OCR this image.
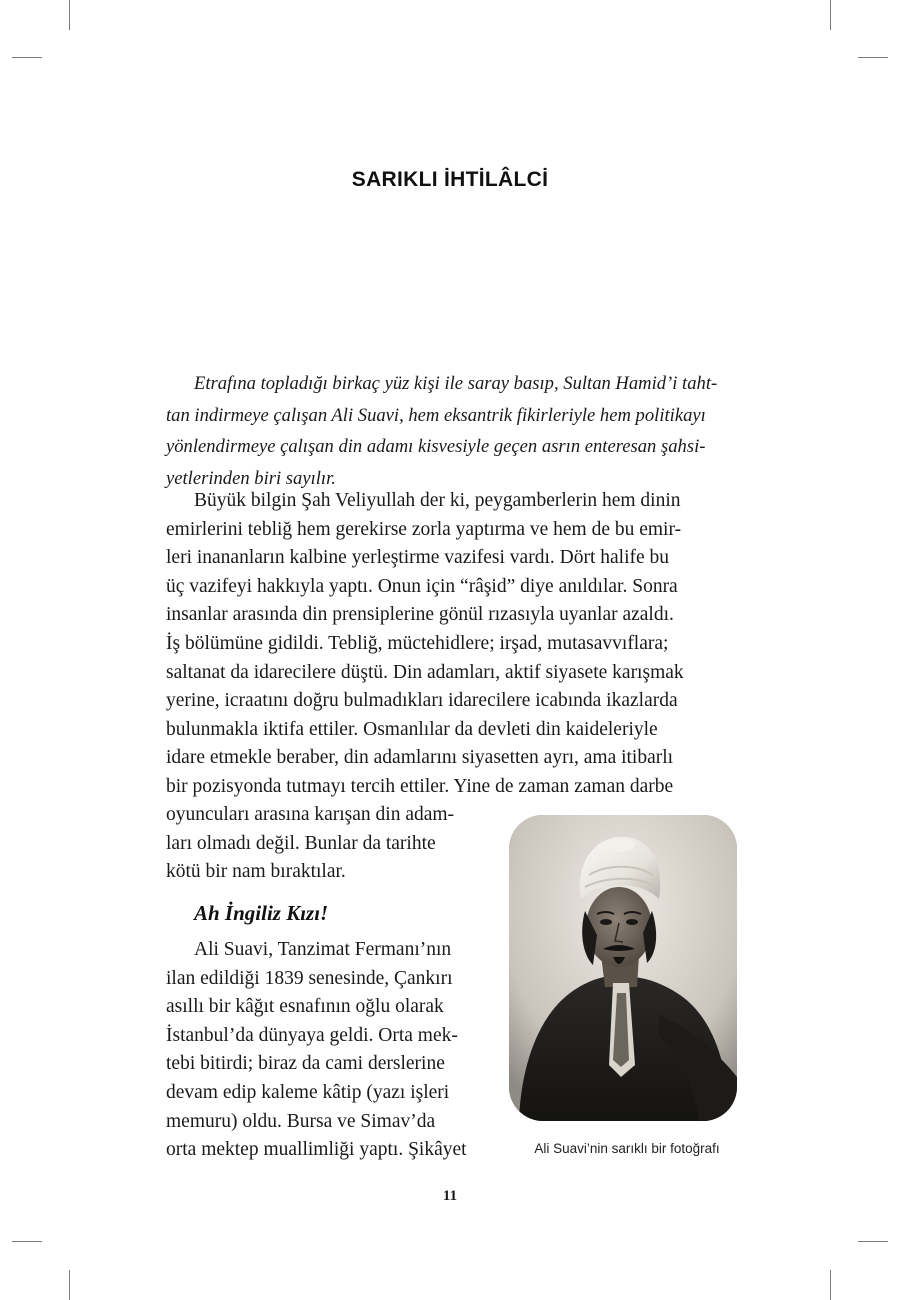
SARIKLI İHTİLÂLCİ
Etrafına topladığı birkaç yüz kişi ile saray basıp, Sultan Hamid’i taht-
tan indirmeye çalışan Ali Suavi, hem eksantrik fikirleriyle hem politikayı
yönlendirmeye çalışan din adamı kisvesiyle geçen asrın enteresan şahsi-
yetlerinden biri sayılır.
Büyük bilgin Şah Veliyullah der ki, peygamberlerin hem dinin
emirlerini tebliğ hem gerekirse zorla yaptırma ve hem de bu emir-
leri inananların kalbine yerleştirme vazifesi vardı. Dört halife bu
üç vazifeyi hakkıyla yaptı. Onun için “râşid” diye anıldılar. Sonra
insanlar arasında din prensiplerine gönül rızasıyla uyanlar azaldı.
İş bölümüne gidildi. Tebliğ, müctehidlere; irşad, mutasavvıflara;
saltanat da idarecilere düştü. Din adamları, aktif siyasete karışmak
yerine, icraatını doğru bulmadıkları idarecilere icabında ikazlarda
bulunmakla iktifa ettiler. Osmanlılar da devleti din kaideleriyle
idare etmekle beraber, din adamlarını siyasetten ayrı, ama itibarlı
bir pozisyonda tutmayı tercih ettiler. Yine de zaman zaman darbe
oyuncuları arasına karışan din adam-
ları olmadı değil. Bunlar da tarihte
kötü bir nam bıraktılar.
Ah İngiliz Kızı!
Ali Suavi, Tanzimat Fermanı’nın
ilan edildiği 1839 senesinde, Çankırı
asıllı bir kâğıt esnafının oğlu olarak
İstanbul’da dünyaya geldi. Orta mek-
tebi bitirdi; biraz da cami derslerine
devam edip kaleme kâtip (yazı işleri
memuru) oldu. Bursa ve Simav’da
orta mektep muallimliği yaptı. Şikâyet	Ali Suavi’nin sarıklı bir fotoğrafı
11
